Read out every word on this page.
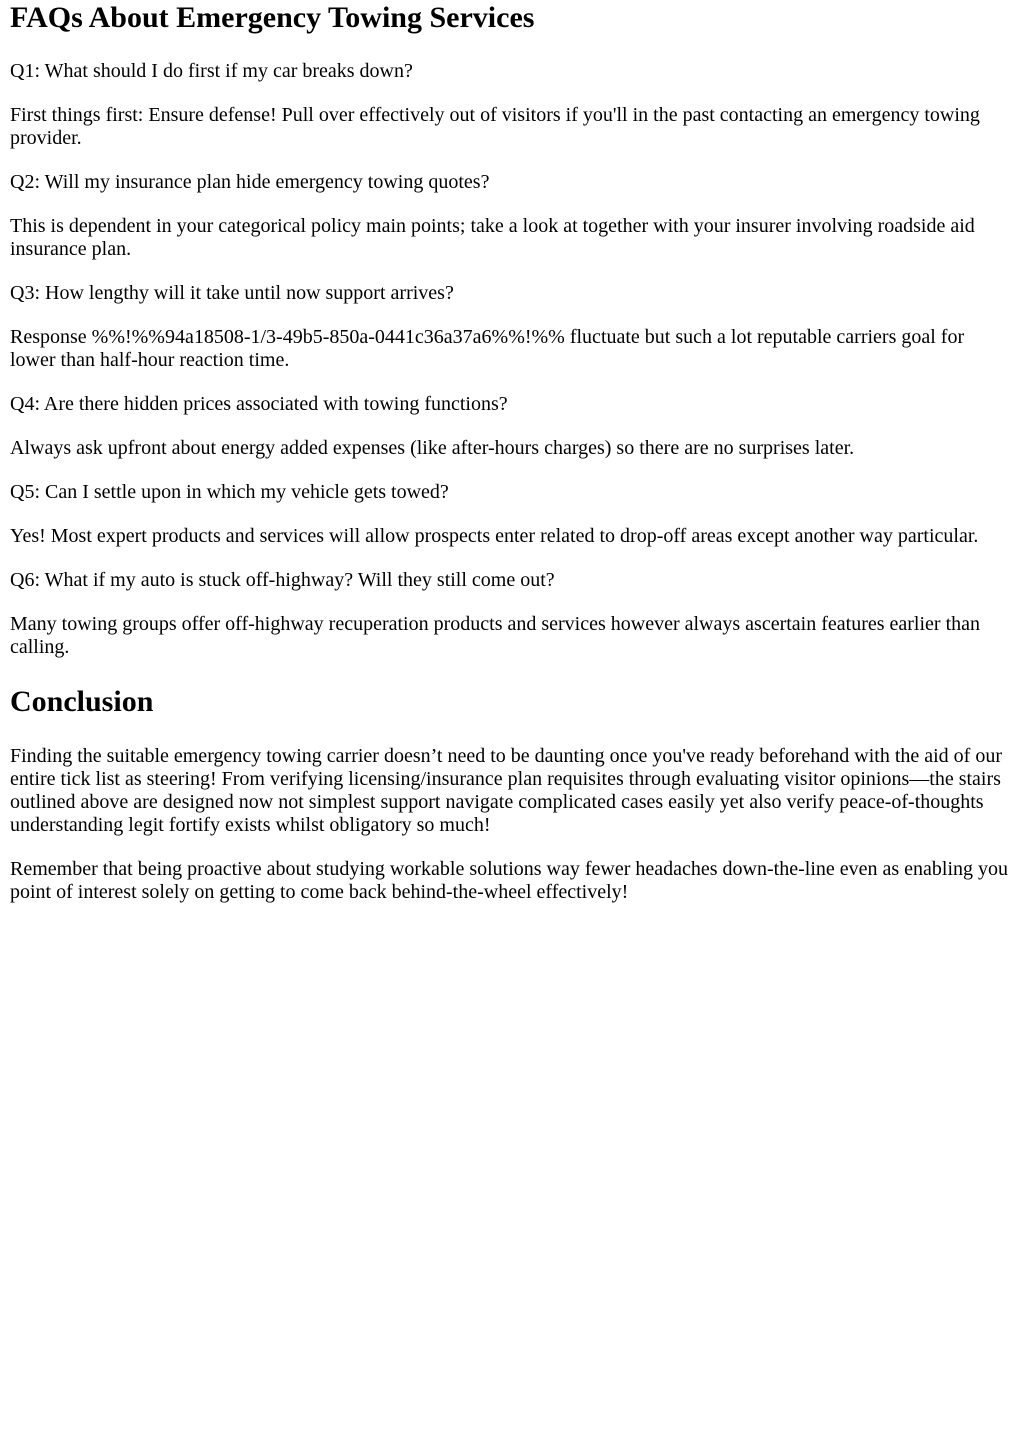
FAQs About Emergency Towing Services

Q1: What should I do first if my car breaks down?

First things first: Ensure defense! Pull over effectively out of visitors if you'll in the past contacting an emergency towing provider.

Q2: Will my insurance plan hide emergency towing quotes?

This is dependent in your categorical policy main points; take a look at together with your insurer involving roadside aid insurance plan.

Q3: How lengthy will it take until now support arrives?

Response %%!%%94a18508-1/3-49b5-850a-0441c36a37a6%%!%% fluctuate but such a lot reputable carriers goal for lower than half-hour reaction time.

Q4: Are there hidden prices associated with towing functions?

Always ask upfront about energy added expenses (like after-hours charges) so there are no surprises later.

Q5: Can I settle upon in which my vehicle gets towed?

Yes! Most expert products and services will allow prospects enter related to drop-off areas except another way particular.

Q6: What if my auto is stuck off-highway? Will they still come out?

Many towing groups offer off-highway recuperation products and services however always ascertain features earlier than calling.

Conclusion

Finding the suitable emergency towing carrier doesn’t need to be daunting once you've ready beforehand with the aid of our entire tick list as steering! From verifying licensing/insurance plan requisites through evaluating visitor opinions—the stairs outlined above are designed now not simplest support navigate complicated cases easily yet also verify peace-of-thoughts understanding legit fortify exists whilst obligatory so much!

Remember that being proactive about studying workable solutions way fewer headaches down-the-line even as enabling you point of interest solely on getting to come back behind-the-wheel effectively!
